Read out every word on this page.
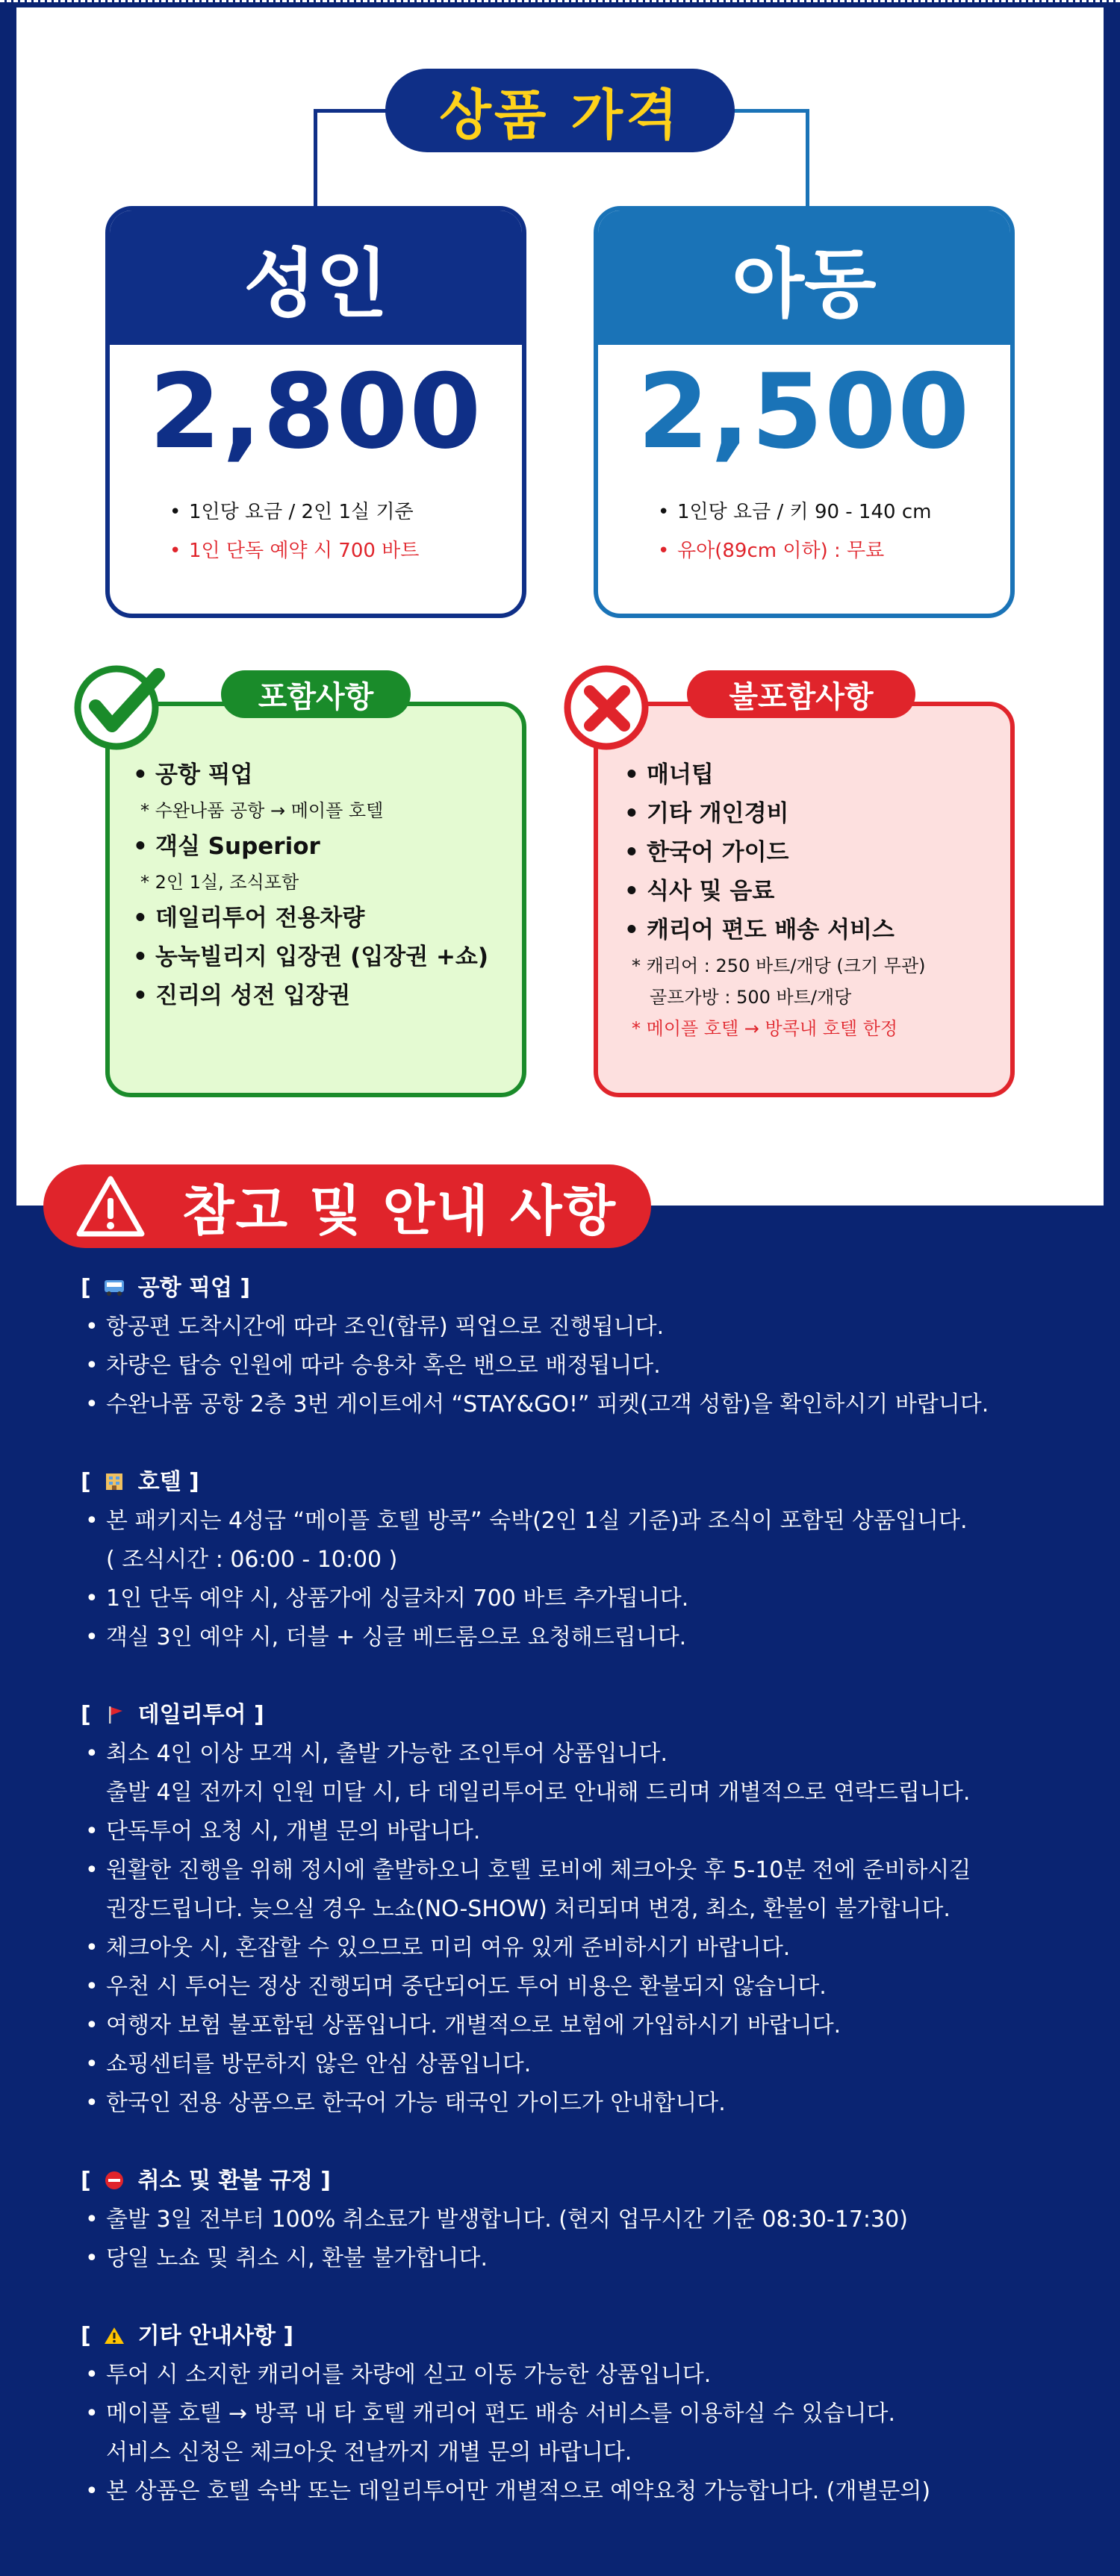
상품 가격
성인
2,800
• 1인당 요금 / 2인 1실 기준
• 1인 단독 예약 시 700 바트
아동
2,500
• 1인당 요금 / 키 90 - 140 cm
• 유아(89cm 이하) : 무료
포함사항
• 공항 픽업
* 수완나품 공항 → 메이플 호텔
• 객실 Superior
* 2인 1실, 조식포함
• 데일리투어 전용차량
• 농눅빌리지 입장권 (입장권 +쇼)
• 진리의 성전 입장권
불포함사항
• 매너팁
• 기타 개인경비
• 한국어 가이드
• 식사 및 음료
• 캐리어 편도 배송 서비스
* 캐리어 : 250 바트/개당 (크기 무관)
골프가방 : 500 바트/개당
* 메이플 호텔 → 방콕내 호텔 한정
참고 및 안내 사항

[ 공항 픽업 ]

• 항공편 도착시간에 따라 조인(합류) 픽업으로 진행됩니다.
• 차량은 탑승 인원에 따라 승용차 혹은 밴으로 배정됩니다.
• 수완나품 공항 2층 3번 게이트에서 “STAY&GO!” 피켓(고객 성함)을 확인하시기 바랍니다.

[ 호텔 ]

• 본 패키지는 4성급 “메이플 호텔 방콕” 숙박(2인 1실 기준)과 조식이 포함된 상품입니다.
( 조식시간 : 06:00 - 10:00 )
• 1인 단독 예약 시, 상품가에 싱글차지 700 바트 추가됩니다.
• 객실 3인 예약 시, 더블 + 싱글 베드룸으로 요청해드립니다.

[ 데일리투어 ]

• 최소 4인 이상 모객 시, 출발 가능한 조인투어 상품입니다.
출발 4일 전까지 인원 미달 시, 타 데일리투어로 안내해 드리며 개별적으로 연락드립니다.
• 단독투어 요청 시, 개별 문의 바랍니다.
• 원활한 진행을 위해 정시에 출발하오니 호텔 로비에 체크아웃 후 5-10분 전에 준비하시길
권장드립니다. 늦으실 경우 노쇼(NO-SHOW) 처리되며 변경, 최소, 환불이 불가합니다.
• 체크아웃 시, 혼잡할 수 있으므로 미리 여유 있게 준비하시기 바랍니다.
• 우천 시 투어는 정상 진행되며 중단되어도 투어 비용은 환불되지 않습니다.
• 여행자 보험 불포함된 상품입니다. 개별적으로 보험에 가입하시기 바랍니다.
• 쇼핑센터를 방문하지 않은 안심 상품입니다.
• 한국인 전용 상품으로 한국어 가능 태국인 가이드가 안내합니다.

[ 취소 및 환불 규정 ]

• 출발 3일 전부터 100% 취소료가 발생합니다. (현지 업무시간 기준 08:30-17:30)
• 당일 노쇼 및 취소 시, 환불 불가합니다.

[ 기타 안내사항 ]

• 투어 시 소지한 캐리어를 차량에 싣고 이동 가능한 상품입니다.
• 메이플 호텔 → 방콕 내 타 호텔 캐리어 편도 배송 서비스를 이용하실 수 있습니다.
서비스 신청은 체크아웃 전날까지 개별 문의 바랍니다.
• 본 상품은 호텔 숙박 또는 데일리투어만 개별적으로 예약요청 가능합니다. (개별문의)
